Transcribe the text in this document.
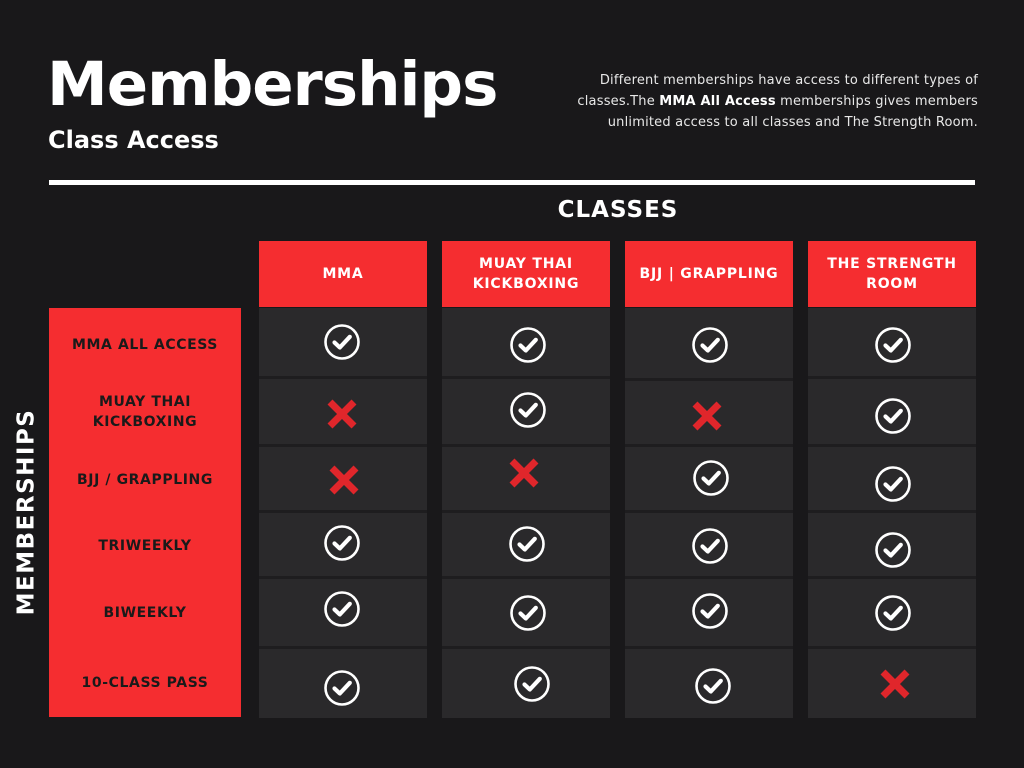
Memberships
Class Access
Different memberships have access to different types of
classes.The MMA All Access memberships gives members
unlimited access to all classes and The Strength Room.
CLASSES
MEMBERSHIPS
MMA
MUAY THAI
KICKBOXING
BJJ | GRAPPLING
THE STRENGTH
ROOM
MMA ALL ACCESS
MUAY THAI
KICKBOXING
BJJ / GRAPPLING
TRIWEEKLY
BIWEEKLY
10-CLASS PASS
